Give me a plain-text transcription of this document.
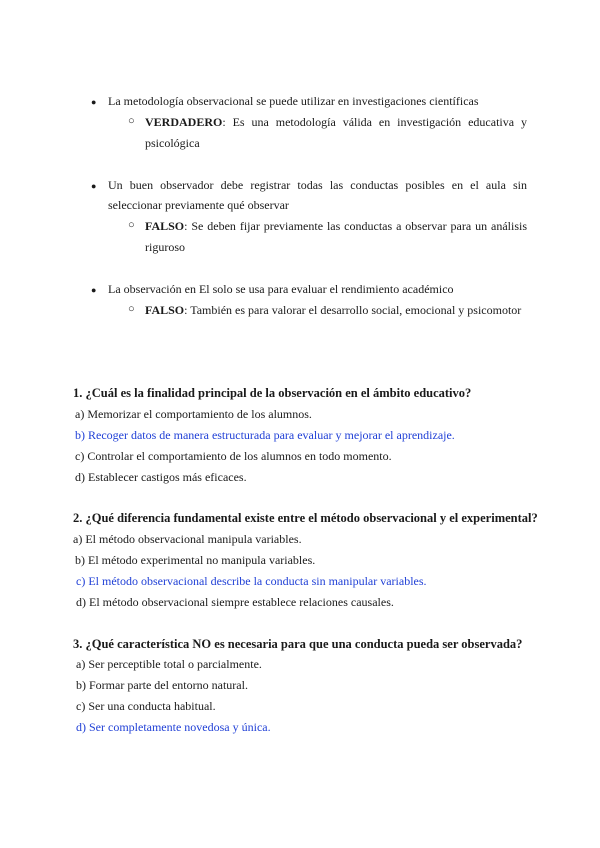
● La metodología observacional se puede utilizar en investigaciones científicas
○ VERDADERO: Es una metodología válida en investigación educativa y
psicológica
● Un buen observador debe registrar todas las conductas posibles en el aula sin
seleccionar previamente qué observar
○ FALSO: Se deben fijar previamente las conductas a observar para un análisis
riguroso
● La observación en El solo se usa para evaluar el rendimiento académico
○ FALSO: También es para valorar el desarrollo social, emocional y psicomotor
1. ¿Cuál es la finalidad principal de la observación en el ámbito educativo?
a) Memorizar el comportamiento de los alumnos.
b) Recoger datos de manera estructurada para evaluar y mejorar el aprendizaje.
c) Controlar el comportamiento de los alumnos en todo momento.
d) Establecer castigos más eficaces.
2. ¿Qué diferencia fundamental existe entre el método observacional y el experimental?
a) El método observacional manipula variables.
b) El método experimental no manipula variables.
c) El método observacional describe la conducta sin manipular variables.
d) El método observacional siempre establece relaciones causales.
3. ¿Qué característica NO es necesaria para que una conducta pueda ser observada?
a) Ser perceptible total o parcialmente.
b) Formar parte del entorno natural.
c) Ser una conducta habitual.
d) Ser completamente novedosa y única.
